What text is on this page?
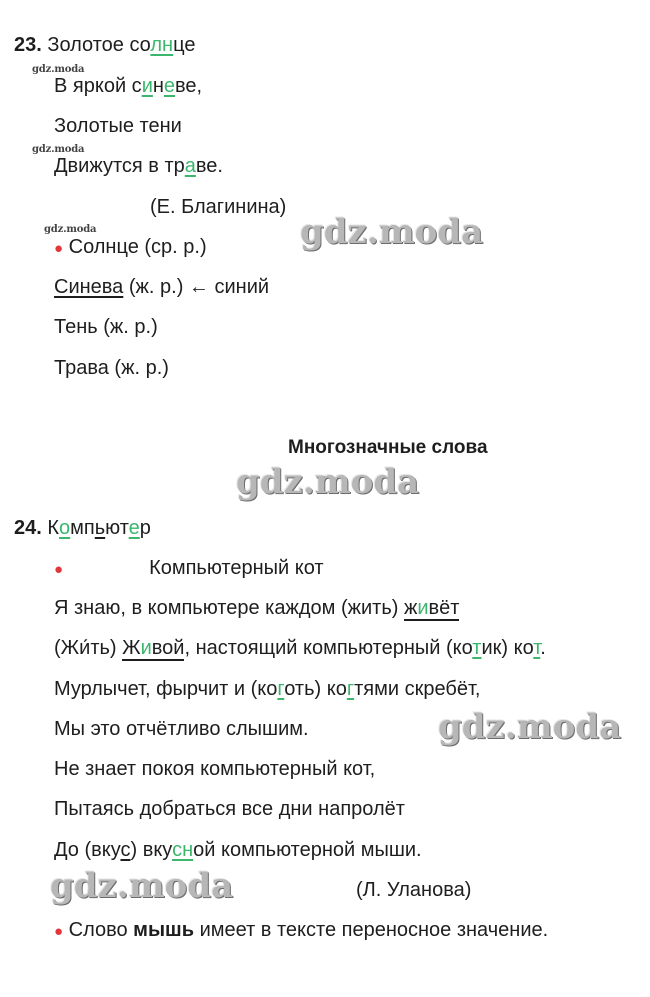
gdz.moda
gdz.moda
gdz.moda	gdz.moda
gdz.moda
gdz.moda
gdz.moda
23. Золотое солнце
В яркой синеве,
Золотые тени
Движутся в траве.
(Е. Благинина)
● Солнце (ср. р.)
Синева (ж. р.) ← синий
Тень (ж. р.)
Трава (ж. р.)
Многозначные слова
24. Компьютер
●	Компьютерный кот
Я знаю, в компьютере каждом (жить) живёт
(Жи́ть) Живой, настоящий компьютерный (котик) кот.
Мурлычет, фырчит и (коготь) когтями скребёт,
Мы это отчётливо слышим.
Не знает покоя компьютерный кот,
Пытаясь добраться все дни напролёт
До (вкус) вкусной компьютерной мыши.
(Л. Уланова)
● Слово мышь имеет в тексте переносное значение.
